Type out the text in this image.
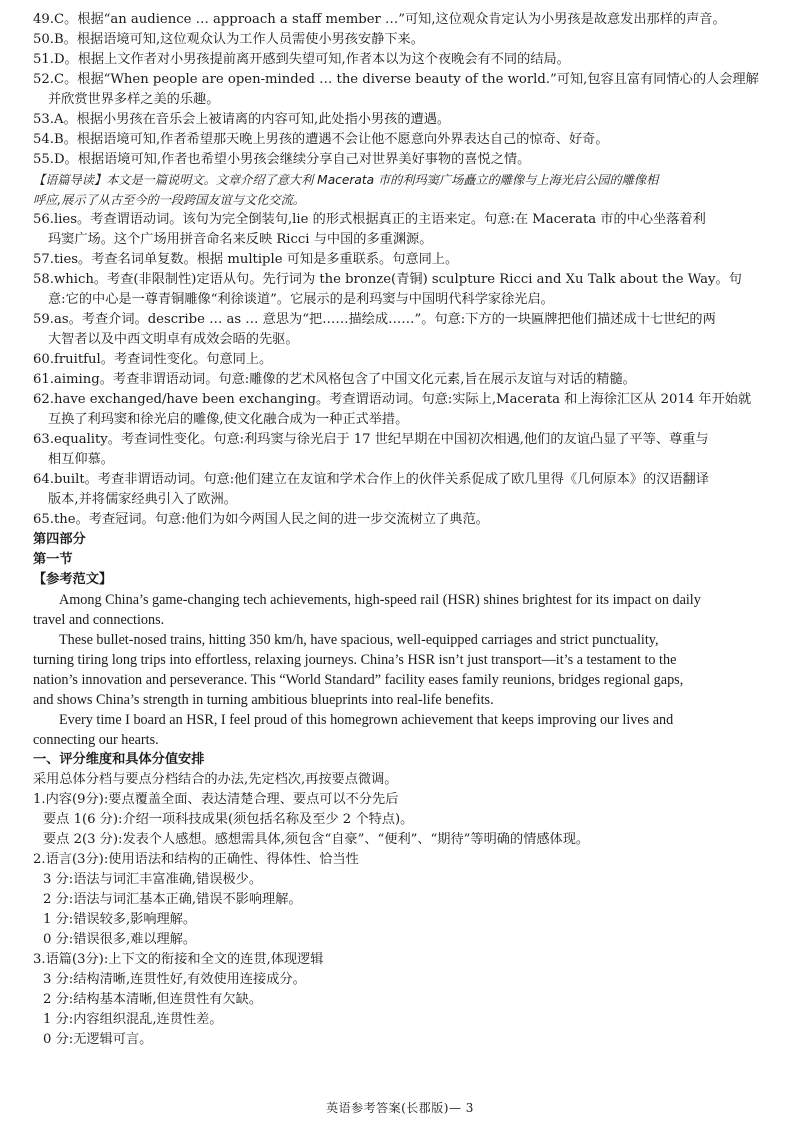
49.C。根据“an audience … approach a staff member …”可知,这位观众肯定认为小男孩是故意发出那样的声音。
50.B。根据语境可知,这位观众认为工作人员需使小男孩安静下来。
51.D。根据上文作者对小男孩提前离开感到失望可知,作者本以为这个夜晚会有不同的结局。
52.C。根据“When people are open-minded … the diverse beauty of the world.”可知,包容且富有同情心的人会理解
并欣赏世界多样之美的乐趣。
53.A。根据小男孩在音乐会上被请离的内容可知,此处指小男孩的遭遇。
54.B。根据语境可知,作者希望那天晚上男孩的遭遇不会让他不愿意向外界表达自己的惊奇、好奇。
55.D。根据语境可知,作者也希望小男孩会继续分享自己对世界美好事物的喜悦之情。
【语篇导读】本文是一篇说明文。文章介绍了意大利 Macerata 市的利玛窦广场矗立的雕像与上海光启公园的雕像相
呼应,展示了从古至今的一段跨国友谊与文化交流。
56.lies。考查谓语动词。该句为完全倒装句,lie 的形式根据真正的主语来定。句意:在 Macerata 市的中心坐落着利
玛窦广场。这个广场用拼音命名来反映 Ricci 与中国的多重渊源。
57.ties。考查名词单复数。根据 multiple 可知是多重联系。句意同上。
58.which。考查(非限制性)定语从句。先行词为 the bronze(青铜) sculpture Ricci and Xu Talk about the Way。句
意:它的中心是一尊青铜雕像“利徐谈道”。它展示的是利玛窦与中国明代科学家徐光启。
59.as。考查介词。describe … as … 意思为“把……描绘成……”。句意:下方的一块匾牌把他们描述成十七世纪的两
大智者以及中西文明卓有成效会晤的先驱。
60.fruitful。考查词性变化。句意同上。
61.aiming。考查非谓语动词。句意:雕像的艺术风格包含了中国文化元素,旨在展示友谊与对话的精髓。
62.have exchanged/have been exchanging。考查谓语动词。句意:实际上,Macerata 和上海徐汇区从 2014 年开始就
互换了利玛窦和徐光启的雕像,使文化融合成为一种正式举措。
63.equality。考查词性变化。句意:利玛窦与徐光启于 17 世纪早期在中国初次相遇,他们的友谊凸显了平等、尊重与
相互仰慕。
64.built。考查非谓语动词。句意:他们建立在友谊和学术合作上的伙伴关系促成了欧几里得《几何原本》的汉语翻译
版本,并将儒家经典引入了欧洲。
65.the。考查冠词。句意:他们为如今两国人民之间的进一步交流树立了典范。
第四部分
第一节
【参考范文】
Among China’s game-changing tech achievements, high-speed rail (HSR) shines brightest for its impact on daily
travel and connections.
These bullet-nosed trains, hitting 350 km/h, have spacious, well-equipped carriages and strict punctuality,
turning tiring long trips into effortless, relaxing journeys. China’s HSR isn’t just transport—it’s a testament to the
nation’s innovation and perseverance. This “World Standard” facility eases family reunions, bridges regional gaps,
and shows China’s strength in turning ambitious blueprints into real-life benefits.
Every time I board an HSR, I feel proud of this homegrown achievement that keeps improving our lives and
connecting our hearts.
一、评分维度和具体分值安排
采用总体分档与要点分档结合的办法,先定档次,再按要点微调。
1.内容(9分):要点覆盖全面、表达清楚合理、要点可以不分先后
要点 1(6 分):介绍一项科技成果(须包括名称及至少 2 个特点)。
要点 2(3 分):发表个人感想。感想需具体,须包含“自豪”、“便利”、“期待”等明确的情感体现。
2.语言(3分):使用语法和结构的正确性、得体性、恰当性
3 分:语法与词汇丰富准确,错误极少。
2 分:语法与词汇基本正确,错误不影响理解。
1 分:错误较多,影响理解。
0 分:错误很多,难以理解。
3.语篇(3分):上下文的衔接和全文的连贯,体现逻辑
3 分:结构清晰,连贯性好,有效使用连接成分。
2 分:结构基本清晰,但连贯性有欠缺。
1 分:内容组织混乱,连贯性差。
0 分:无逻辑可言。
英语参考答案(长郡版)— 3
